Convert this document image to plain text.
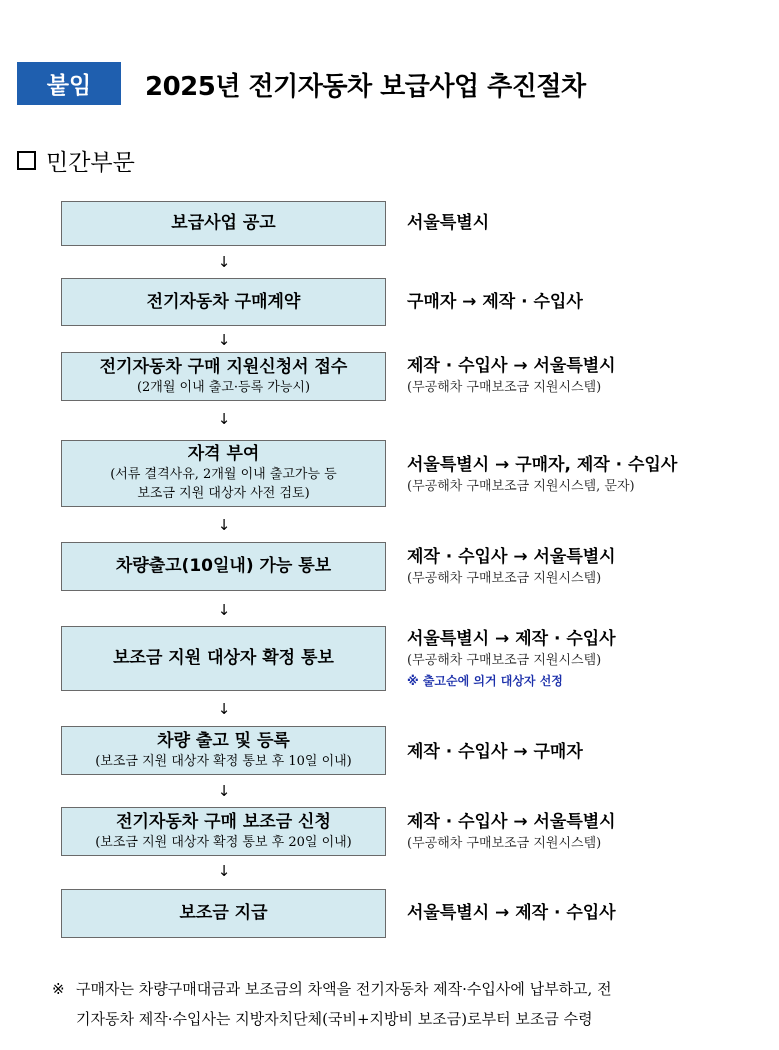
붙임	2025년 전기자동차 보급사업 추진절차
민간부문
보급사업 공고	서울특별시
↓
전기자동차 구매계약	구매자 → 제작 · 수입사
↓
전기자동차 구매 지원신청서 접수
(2개월 이내 출고·등록 가능시)
제작 · 수입사 → 서울특별시
(무공해차 구매보조금 지원시스템)
↓
자격 부여
(서류 결격사유, 2개월 이내 출고가능 등
보조금 지원 대상자 사전 검토)
서울특별시 → 구매자, 제작 · 수입사
(무공해차 구매보조금 지원시스템, 문자)
↓
차량출고(10일내) 가능 통보	제작 · 수입사 → 서울특별시
(무공해차 구매보조금 지원시스템)
↓
보조금 지원 대상자 확정 통보
서울특별시 → 제작 · 수입사
(무공해차 구매보조금 지원시스템)
※ 출고순에 의거 대상자 선정
↓
차량 출고 및 등록
(보조금 지원 대상자 확정 통보 후 10일 이내)	제작 · 수입사 → 구매자
↓
전기자동차 구매 보조금 신청
(보조금 지원 대상자 확정 통보 후 20일 이내)
제작 · 수입사 → 서울특별시
(무공해차 구매보조금 지원시스템)
↓
보조금 지급	서울특별시 → 제작 · 수입사
※ 구매자는 차량구매대금과 보조금의 차액을 전기자동차 제작·수입사에 납부하고, 전
기자동차 제작·수입사는 지방자치단체(국비+지방비 보조금)로부터 보조금 수령
